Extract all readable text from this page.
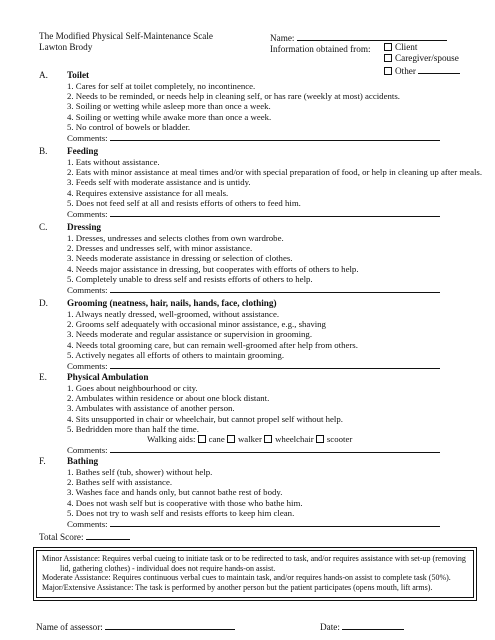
The Modified Physical Self-Maintenance Scale
Lawton Brody
Name:
Information obtained from:	Client
Caregiver/spouse
Other
A.	Toilet
1. Cares for self at toilet completely, no incontinence.
2. Needs to be reminded, or needs help in cleaning self, or has rare (weekly at most) accidents.
3. Soiling or wetting while asleep more than once a week.
4. Soiling or wetting while awake more than once a week.
5. No control of bowels or bladder.
Comments:
B.	Feeding
1. Eats without assistance.
2. Eats with minor assistance at meal times and/or with special preparation of food, or help in cleaning up after meals.
3. Feeds self with moderate assistance and is untidy.
4. Requires extensive assistance for all meals.
5. Does not feed self at all and resists efforts of others to feed him.
Comments:
C.	Dressing
1. Dresses, undresses and selects clothes from own wardrobe.
2. Dresses and undresses self, with minor assistance.
3. Needs moderate assistance in dressing or selection of clothes.
4. Needs major assistance in dressing, but cooperates with efforts of others to help.
5. Completely unable to dress self and resists efforts of others to help.
Comments:
D.	Grooming (neatness, hair, nails, hands, face, clothing)
1. Always neatly dressed, well-groomed, without assistance.
2. Grooms self adequately with occasional minor assistance, e.g., shaving
3. Needs moderate and regular assistance or supervision in grooming.
4. Needs total grooming care, but can remain well-groomed after help from others.
5. Actively negates all efforts of others to maintain grooming.
Comments:
E.	Physical Ambulation
1. Goes about neighbourhood or city.
2. Ambulates within residence or about one block distant.
3. Ambulates with assistance of another person.
4. Sits unsupported in chair or wheelchair, but cannot propel self without help.
5. Bedridden more than half the time.
Walking aids: cane walker wheelchair scooter
Comments:
F.	Bathing
1. Bathes self (tub, shower) without help.
2. Bathes self with assistance.
3. Washes face and hands only, but cannot bathe rest of body.
4. Does not wash self but is cooperative with those who bathe him.
5. Does not try to wash self and resists efforts to keep him clean.
Comments:
Total Score:
Minor Assistance: Requires verbal cueing to initiate task or to be redirected to task, and/or requires assistance with set-up (removing
lid, gathering clothes) - individual does not require hands-on assist.
Moderate Assistance: Requires continuous verbal cues to maintain task, and/or requires hands-on assist to complete task (50%).
Major/Extensive Assistance: The task is performed by another person but the patient participates (opens mouth, lift arms).
Name of assessor:	Date:
